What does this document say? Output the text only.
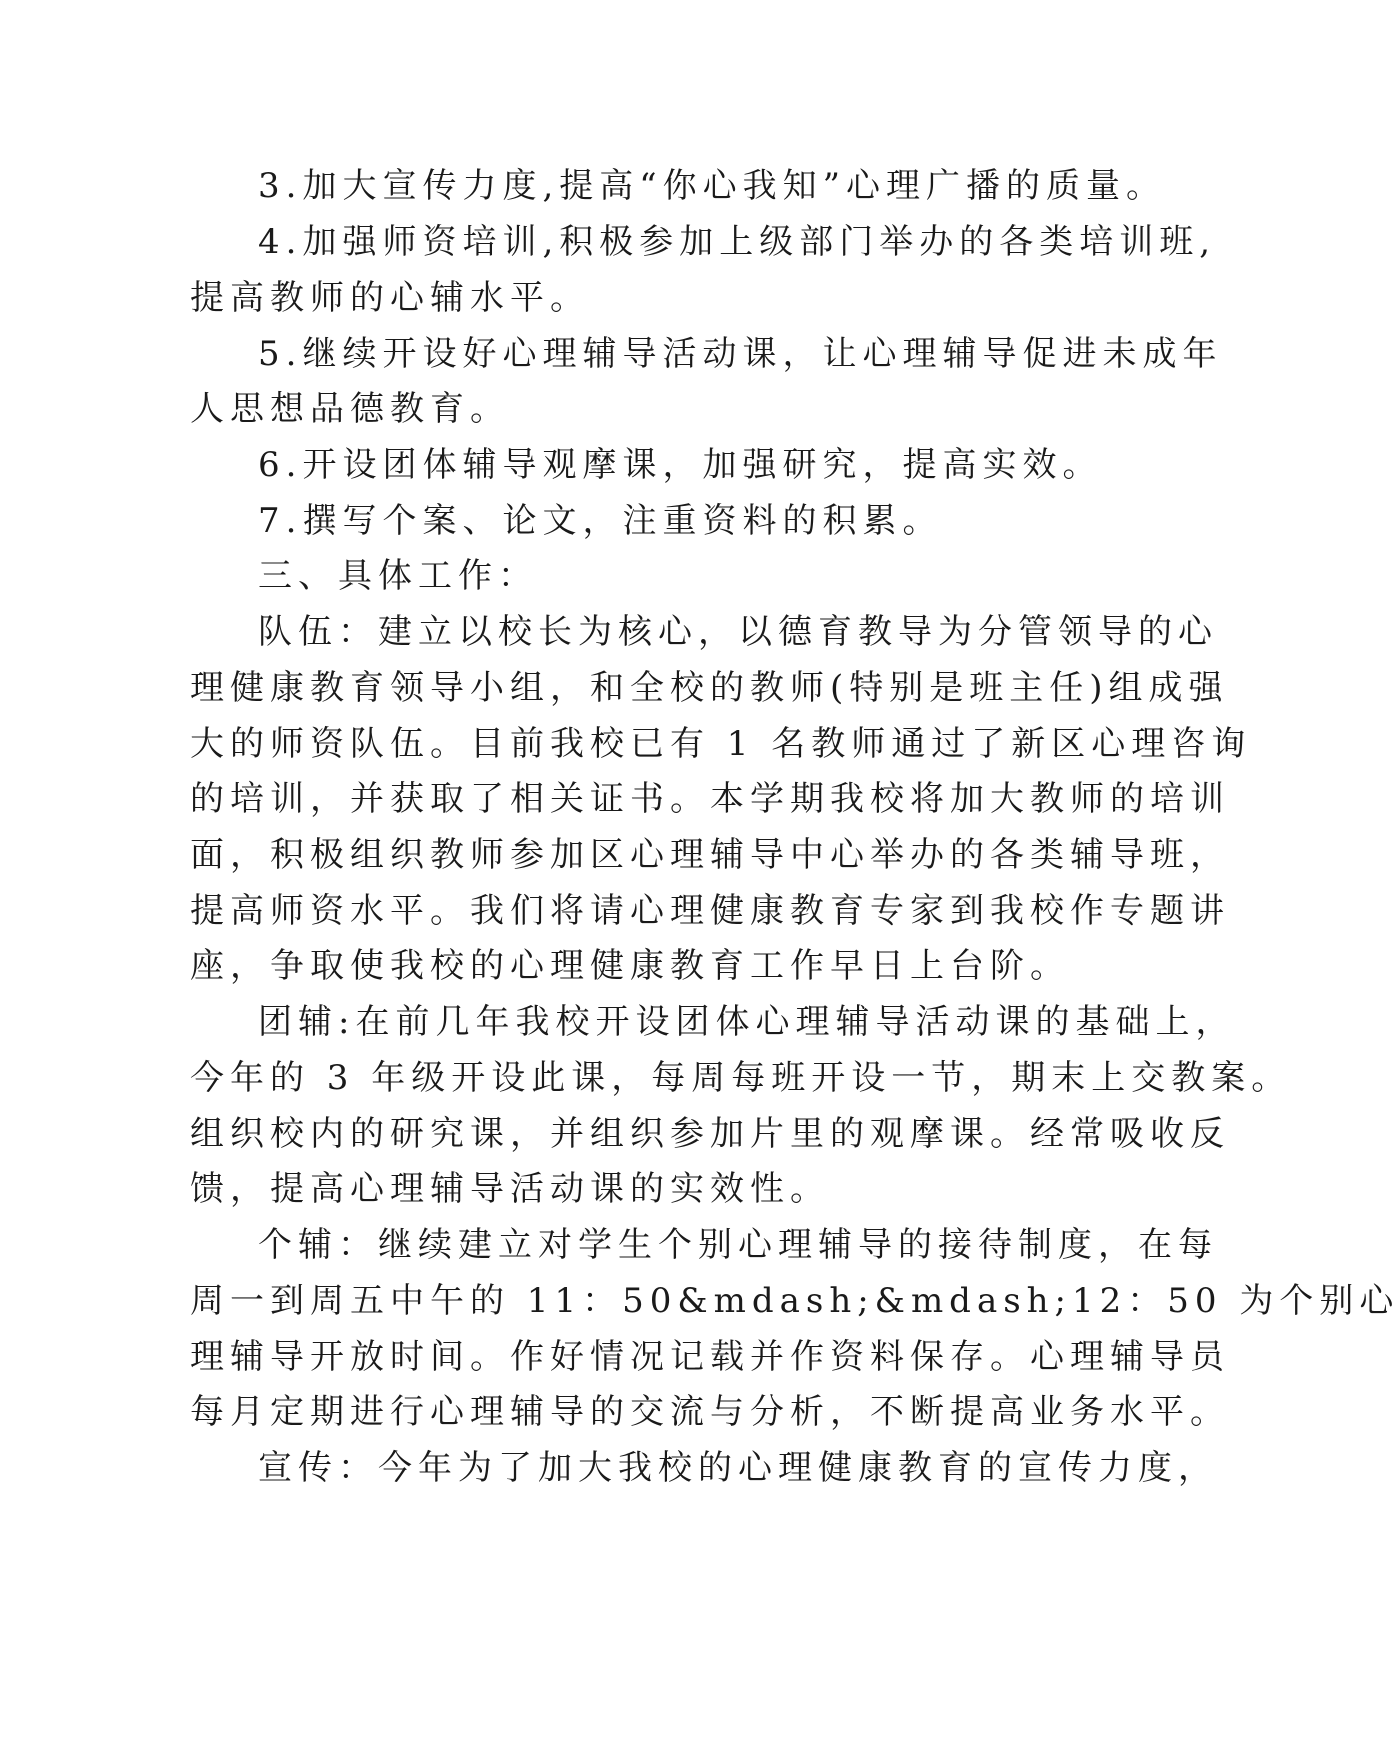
3.加大宣传力度,提高“你心我知”心理广播的质量。
4.加强师资培训,积极参加上级部门举办的各类培训班,
提高教师的心辅水平。
5.继续开设好心理辅导活动课，让心理辅导促进未成年
人思想品德教育。
6.开设团体辅导观摩课，加强研究，提高实效。
7.撰写个案、论文，注重资料的积累。
三、具体工作：
队伍：建立以校长为核心，以德育教导为分管领导的心
理健康教育领导小组，和全校的教师(特别是班主任)组成强
大的师资队伍。目前我校已有 1 名教师通过了新区心理咨询
的培训，并获取了相关证书。本学期我校将加大教师的培训
面，积极组织教师参加区心理辅导中心举办的各类辅导班，
提高师资水平。我们将请心理健康教育专家到我校作专题讲
座，争取使我校的心理健康教育工作早日上台阶。
团辅:在前几年我校开设团体心理辅导活动课的基础上，
今年的 3 年级开设此课，每周每班开设一节，期末上交教案。
组织校内的研究课，并组织参加片里的观摩课。经常吸收反
馈，提高心理辅导活动课的实效性。
个辅：继续建立对学生个别心理辅导的接待制度，在每
周一到周五中午的 11：50&mdash;&mdash;12：50 为个别心
理辅导开放时间。作好情况记载并作资料保存。心理辅导员
每月定期进行心理辅导的交流与分析，不断提高业务水平。
宣传：今年为了加大我校的心理健康教育的宣传力度，
